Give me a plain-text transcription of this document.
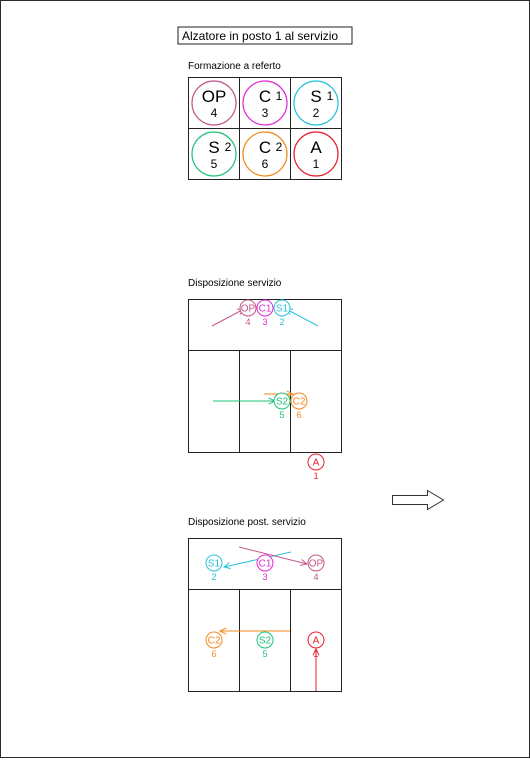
Alzatore in posto 1 al servizio
Formazione a referto
Disposizione servizio
Disposizione post. servizio
OP
4
C 1
3
S 1
2
S 2
5
C 2
6
A
1
OP
4
C1
3
S1
2
S2
5
C2
6
A
1
S1
2
C1
3
OP
4
C2
6
S2
5
A
1
